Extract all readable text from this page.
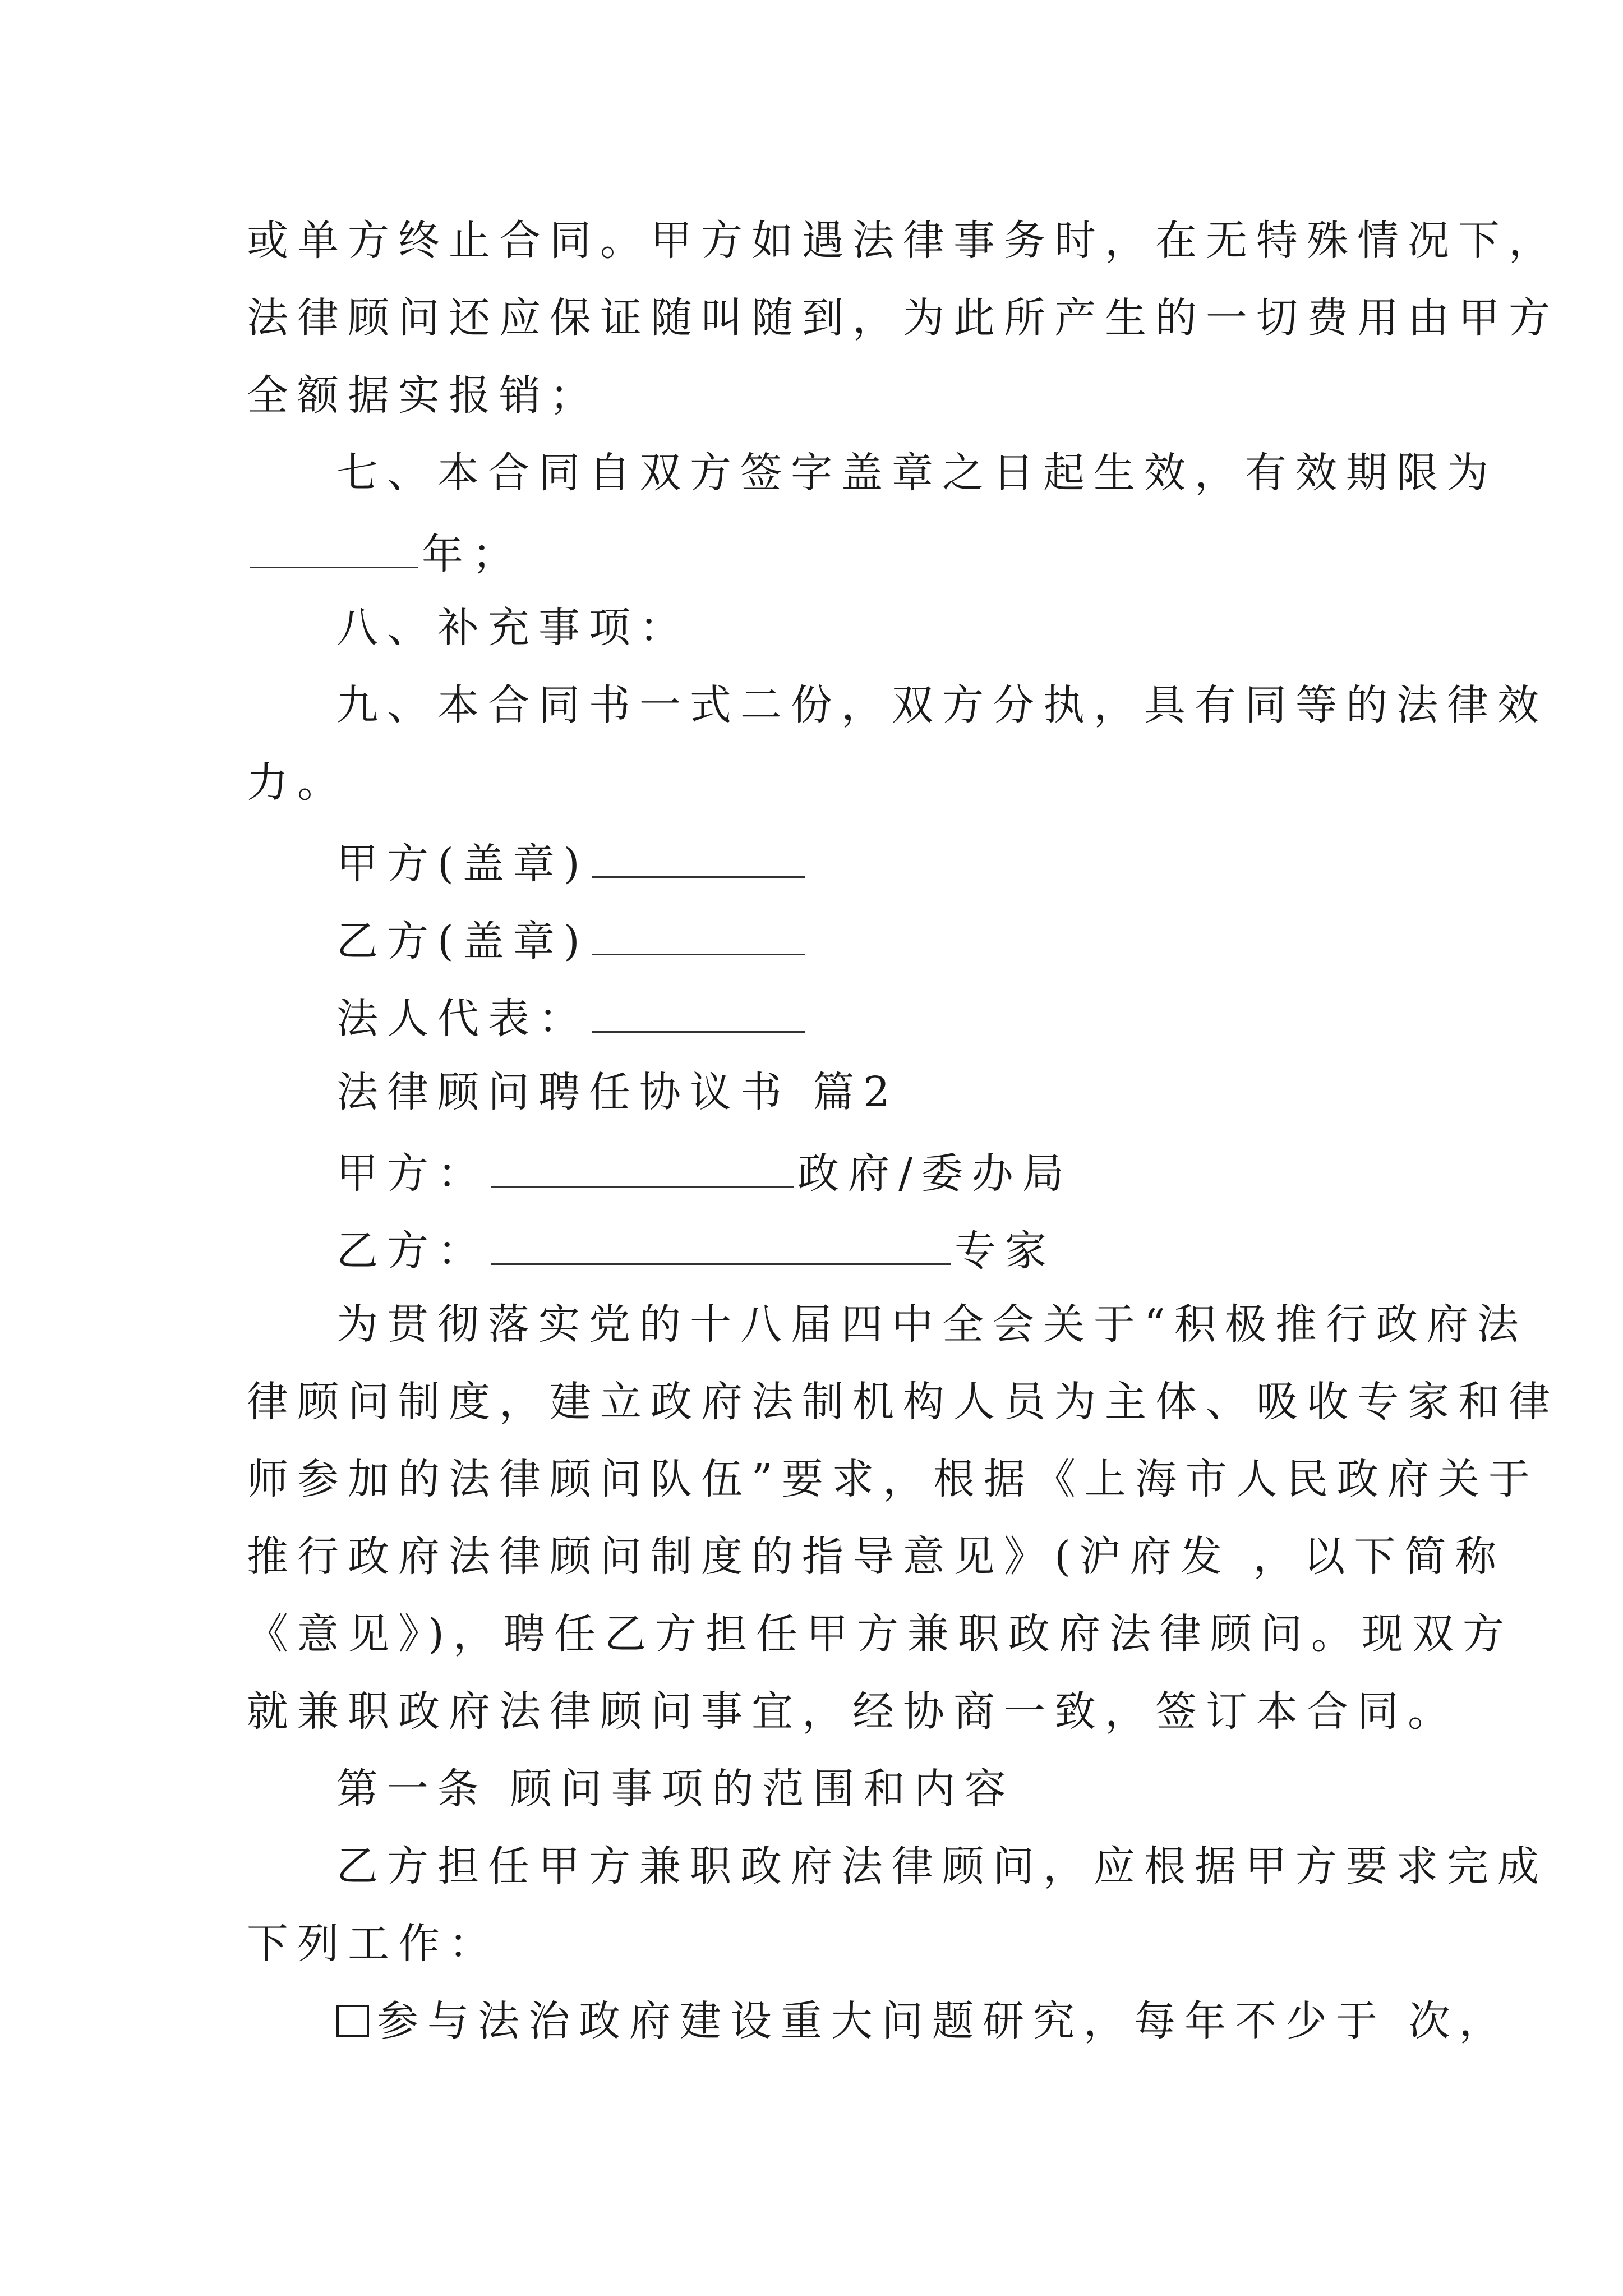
或单方终止合同。甲方如遇法律事务时，在无特殊情况下，
法律顾问还应保证随叫随到，为此所产生的一切费用由甲方
全额据实报销；
七、本合同自双方签字盖章之日起生效，有效期限为
年；
八、补充事项：
九、本合同书一式二份，双方分执，具有同等的法律效
力。
甲方(盖章)
乙方(盖章)
法人代表：
法律顾问聘任协议书 篇2
甲方：	政府/委办局
乙方：	专家
为贯彻落实党的十八届四中全会关于“积极推行政府法
律顾问制度，建立政府法制机构人员为主体、吸收专家和律
师参加的法律顾问队伍”要求，根据《上海市人民政府关于
推行政府法律顾问制度的指导意见》(沪府发 ，以下简称
《意见》)，聘任乙方担任甲方兼职政府法律顾问。现双方
就兼职政府法律顾问事宜，经协商一致，签订本合同。
第一条 顾问事项的范围和内容
乙方担任甲方兼职政府法律顾问，应根据甲方要求完成
下列工作：
参与法治政府建设重大问题研究，每年不少于 次，
